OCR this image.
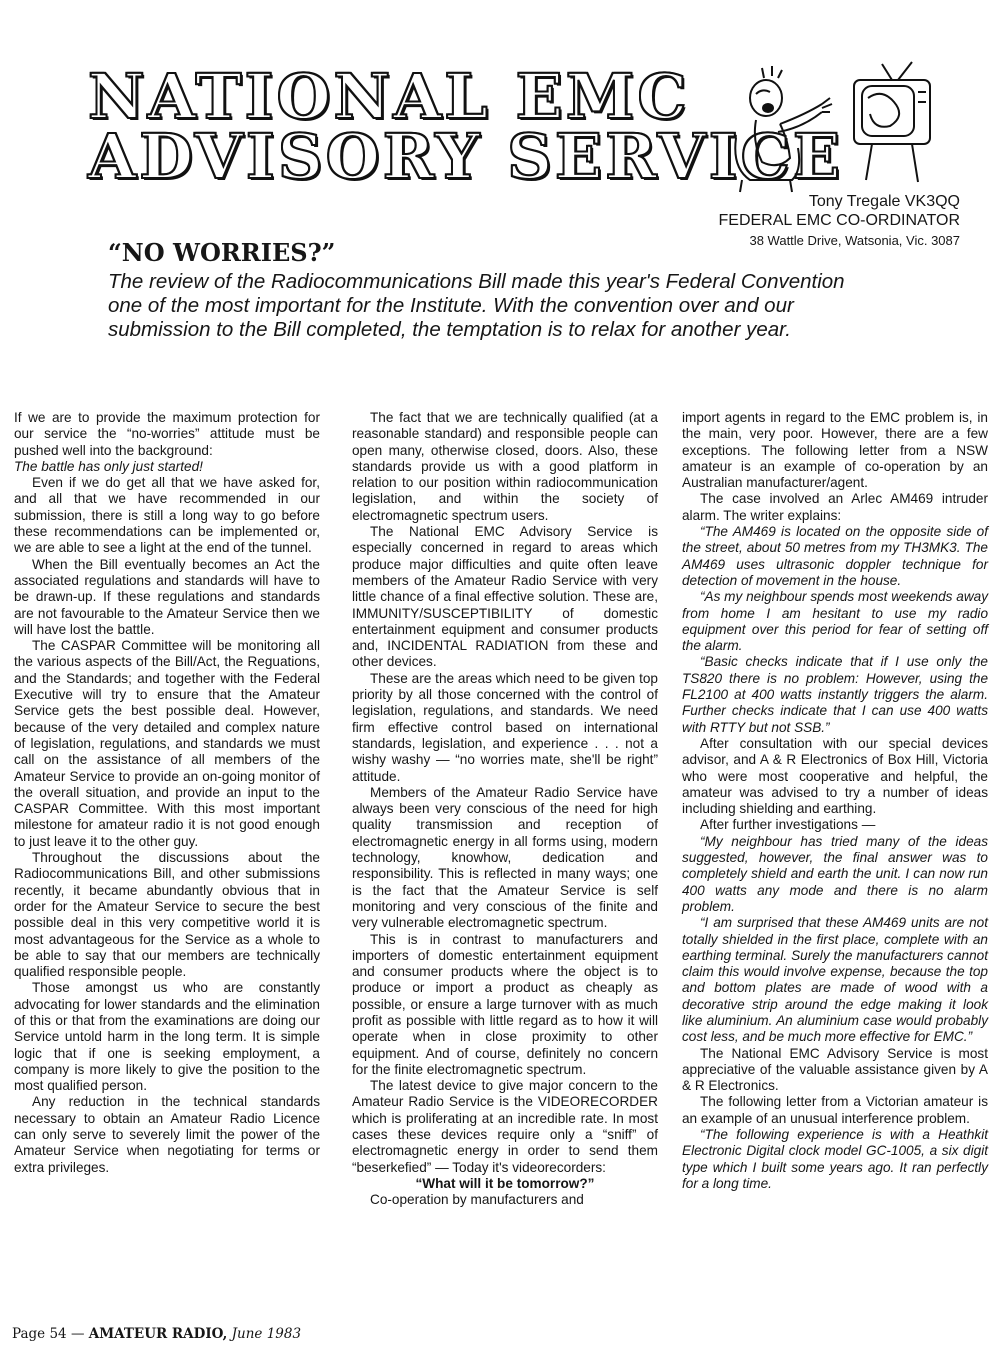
NATIONAL EMC
ADVISORY SERVICE
Tony Tregale VK3QQ
FEDERAL EMC CO-ORDINATOR
38 Wattle Drive, Watsonia, Vic. 3087
“NO WORRIES?”
The review of the Radiocommunications Bill made this year's Federal Convention one of the most important for the Institute. With the convention over and our submission to the Bill completed, the temptation is to relax for another year.

If we are to provide the maximum protection for our service the “no-worries” attitude must be pushed well into the background:

The battle has only just started!

Even if we do get all that we have asked for, and all that we have recommended in our submission, there is still a long way to go before these recommendations can be implemented or, we are able to see a light at the end of the tunnel.

When the Bill eventually becomes an Act the associated regulations and standards will have to be drawn-up. If these regulations and standards are not favourable to the Amateur Service then we will have lost the battle.

The CASPAR Committee will be monitoring all the various aspects of the Bill/Act, the Reguations, and the Standards; and together with the Federal Executive will try to ensure that the Amateur Service gets the best possible deal. However, because of the very detailed and complex nature of legislation, regulations, and standards we must call on the assistance of all members of the Amateur Service to provide an on-going monitor of the overall situation, and provide an input to the CASPAR Committee. With this most important milestone for amateur radio it is not good enough to just leave it to the other guy.

Throughout the discussions about the Radiocommunications Bill, and other submissions recently, it became abundantly obvious that in order for the Amateur Service to secure the best possible deal in this very competitive world it is most advantageous for the Service as a whole to be able to say that our members are technically qualified responsible people.

Those amongst us who are constantly advocating for lower standards and the elimination of this or that from the examinations are doing our Service untold harm in the long term. It is simple logic that if one is seeking employment, a company is more likely to give the position to the most qualified person.

Any reduction in the technical standards necessary to obtain an Amateur Radio Licence can only serve to severely limit the power of the Amateur Service when negotiating for terms or extra privileges.

The fact that we are technically qualified (at a reasonable standard) and responsible people can open many, otherwise closed, doors. Also, these standards provide us with a good platform in relation to our position within radiocommunication legislation, and within the society of electromagnetic spectrum users.

The National EMC Advisory Service is especially concerned in regard to areas which produce major difficulties and quite often leave members of the Amateur Radio Service with very little chance of a final effective solution. These are, IMMUNITY/SUSCEPTIBILITY of domestic entertainment equipment and consumer products and, INCIDENTAL RADIATION from these and other devices.

These are the areas which need to be given top priority by all those concerned with the control of legislation, regulations, and standards. We need firm effective control based on international standards, legislation, and experience . . . not a wishy washy — “no worries mate, she'll be right” attitude.

Members of the Amateur Radio Service have always been very conscious of the need for high quality transmission and reception of electromagnetic energy in all forms using, modern technology, knowhow, dedication and responsibility. This is reflected in many ways; one is the fact that the Amateur Service is self monitoring and very conscious of the finite and very vulnerable electromagnetic spectrum.

This is in contrast to manufacturers and importers of domestic entertainment equipment and consumer products where the object is to produce or import a product as cheaply as possible, or ensure a large turnover with as much profit as possible with little regard as to how it will operate when in close proximity to other equipment. And of course, definitely no concern for the finite electromagnetic spectrum.

The latest device to give major concern to the Amateur Radio Service is the VIDEORECORDER which is proliferating at an incredible rate. In most cases these devices require only a “sniff” of electromagnetic energy in order to send them “beserkefied” — Today it's videorecorders:

“What will it be tomorrow?”

Co-operation by manufacturers and

import agents in regard to the EMC problem is, in the main, very poor. However, there are a few exceptions. The following letter from a NSW amateur is an example of co-operation by an Australian manufacturer/agent.

The case involved an Arlec AM469 intruder alarm. The writer explains:

“The AM469 is located on the opposite side of the street, about 50 metres from my TH3MK3. The AM469 uses ultrasonic doppler technique for detection of movement in the house.

“As my neighbour spends most weekends away from home I am hesitant to use my radio equipment over this period for fear of setting off the alarm.

“Basic checks indicate that if I use only the TS820 there is no problem: However, using the FL2100 at 400 watts instantly triggers the alarm. Further checks indicate that I can use 400 watts with RTTY but not SSB.”

After consultation with our special devices advisor, and A & R Electronics of Box Hill, Victoria who were most cooperative and helpful, the amateur was advised to try a number of ideas including shielding and earthing.

After further investigations —

“My neighbour has tried many of the ideas suggested, however, the final answer was to completely shield and earth the unit. I can now run 400 watts any mode and there is no alarm problem.

“I am surprised that these AM469 units are not totally shielded in the first place, complete with an earthing terminal. Surely the manufacturers cannot claim this would involve expense, because the top and bottom plates are made of wood with a decorative strip around the edge making it look like aluminium. An aluminium case would probably cost less, and be much more effective for EMC.”

The National EMC Advisory Service is most appreciative of the valuable assistance given by A & R Electronics.

The following letter from a Victorian amateur is an example of an unusual interference problem.

“The following experience is with a Heathkit Electronic Digital clock model GC-1005, a six digit type which I built some years ago. It ran perfectly for a long time.

Page 54 — AMATEUR RADIO, June 1983
